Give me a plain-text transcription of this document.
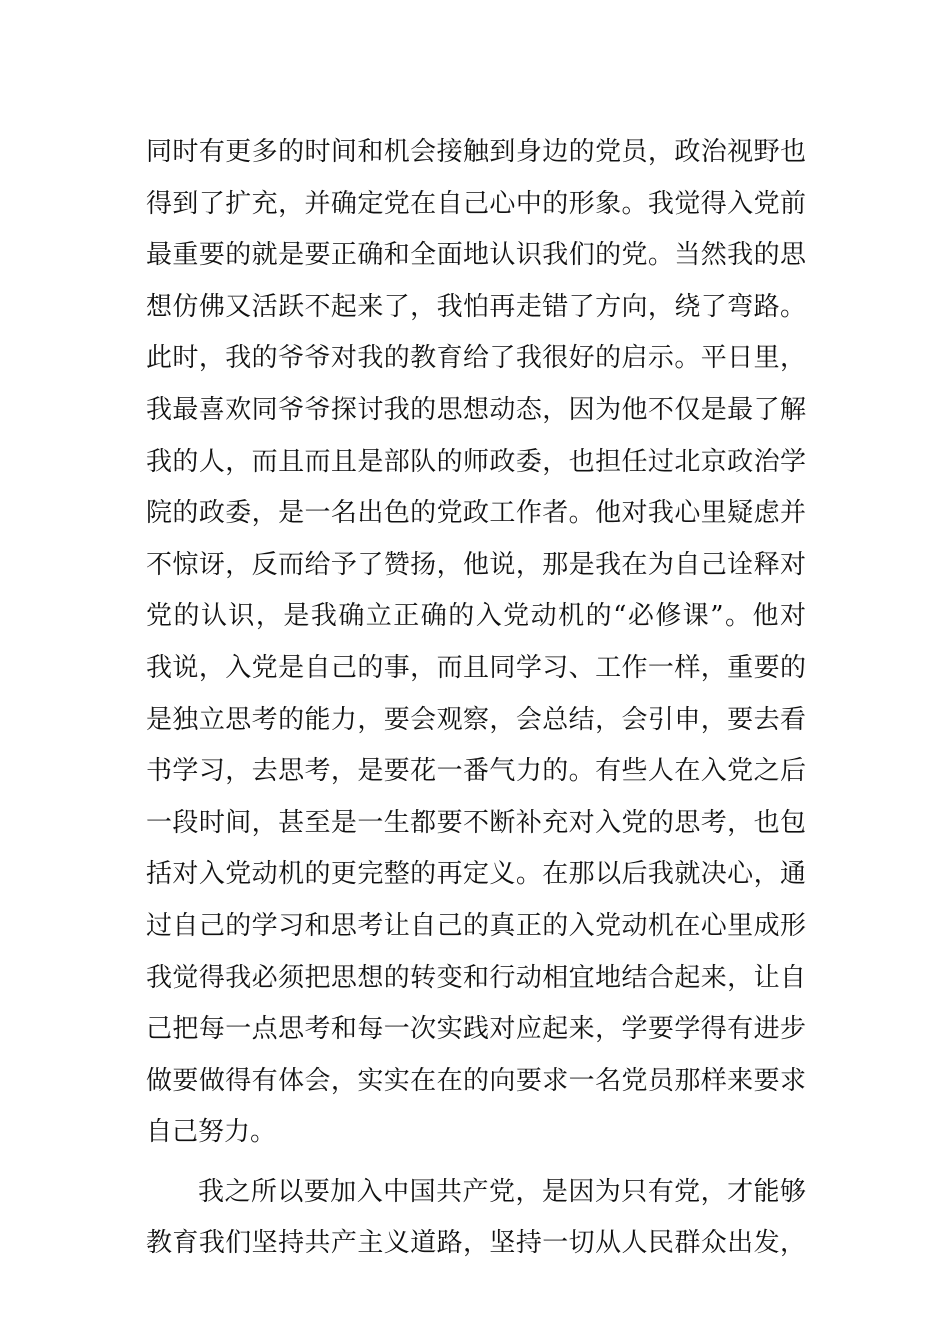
同时有更多的时间和机会接触到身边的党员，政治视野也
得到了扩充，并确定党在自己心中的形象。我觉得入党前
最重要的就是要正确和全面地认识我们的党。当然我的思
想仿佛又活跃不起来了，我怕再走错了方向，绕了弯路。
此时，我的爷爷对我的教育给了我很好的启示。平日里，
我最喜欢同爷爷探讨我的思想动态，因为他不仅是最了解
我的人，而且而且是部队的师政委，也担任过北京政治学
院的政委，是一名出色的党政工作者。他对我心里疑虑并
不惊讶，反而给予了赞扬，他说，那是我在为自己诠释对
党的认识，是我确立正确的入党动机的“必修课”。他对
我说，入党是自己的事，而且同学习、工作一样，重要的
是独立思考的能力，要会观察，会总结，会引申，要去看
书学习，去思考，是要花一番气力的。有些人在入党之后
一段时间，甚至是一生都要不断补充对入党的思考，也包
括对入党动机的更完整的再定义。在那以后我就决心，通
过自己的学习和思考让自己的真正的入党动机在心里成形
我觉得我必须把思想的转变和行动相宜地结合起来，让自
己把每一点思考和每一次实践对应起来，学要学得有进步
做要做得有体会，实实在在的向要求一名党员那样来要求
自己努力。
我之所以要加入中国共产党，是因为只有党，才能够
教育我们坚持共产主义道路，坚持一切从人民群众出发，
